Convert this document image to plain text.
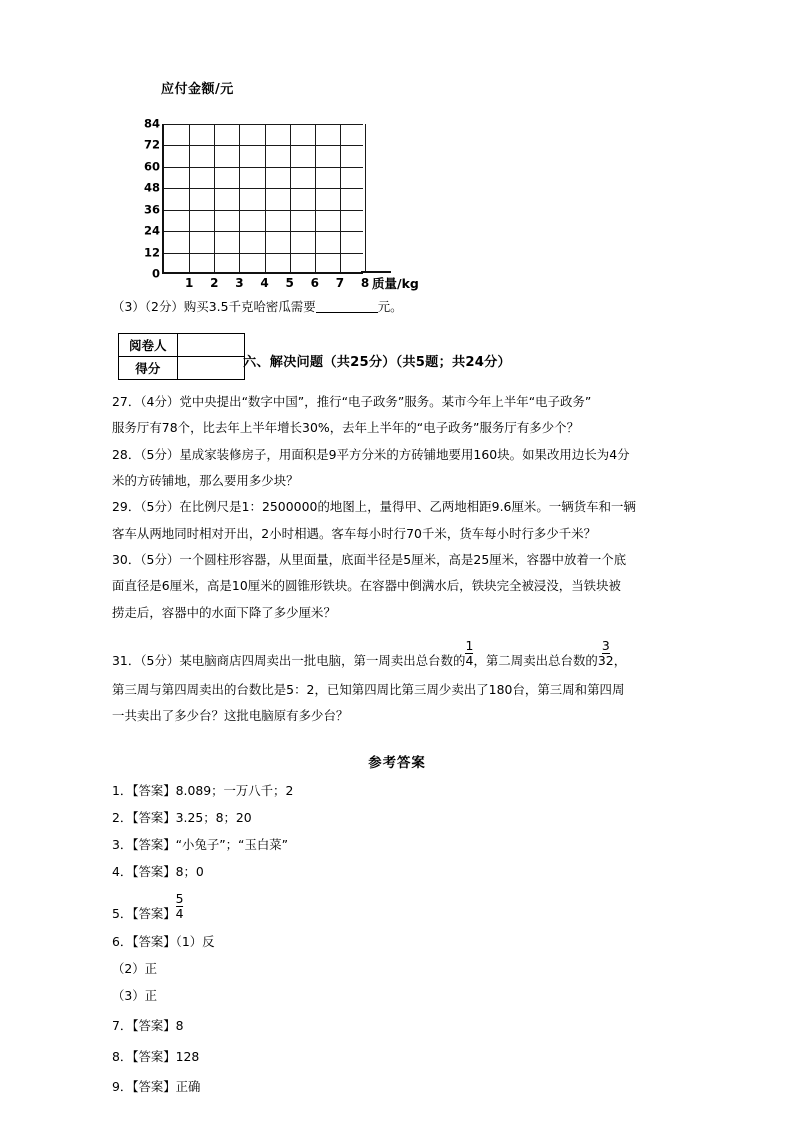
应付金额/元
0
12
24
36
48
60
72
84
1 2 3 4 5 6 7 8 质量/kg
（3）（2分）购买3.5千克哈密瓜需要	元。
阅卷人	
得分		六、解决问题（共25分）（共5题；共24分）
27．（4分）党中央提出“数字中国”，推行“电子政务”服务。某市今年上半年“电子政务”
服务厅有78个，比去年上半年增长30%，去年上半年的“电子政务”服务厅有多少个？
28．（5分）星成家装修房子，用面积是9平方分米的方砖铺地要用160块。如果改用边长为4分
米的方砖铺地，那么要用多少块？
29．（5分）在比例尺是1：2500000的地图上，量得甲、乙两地相距9.6厘米。一辆货车和一辆
客车从两地同时相对开出，2小时相遇。客车每小时行70千米，货车每小时行多少千米？
30．（5分）一个圆柱形容器，从里面量，底面半径是5厘米，高是25厘米，容器中放着一个底
面直径是6厘米，高是10厘米的圆锥形铁块。在容器中倒满水后，铁块完全被浸没，当铁块被
捞走后，容器中的水面下降了多少厘米？
31．（5分）某电脑商店四周卖出一批电脑，第一周卖出总台数的 $\frac{1}{4}$，第二周卖出总台数的 $\frac{3}{32}$，
第三周与第四周卖出的台数比是5：2，已知第四周比第三周少卖出了180台，第三周和第四周
一共卖出了多少台？这批电脑原有多少台？
参考答案
1．【答案】8.089；一万八千；2
2．【答案】3.25；8；20
3．【答案】“小兔子”；“玉白菜”
4．【答案】8；0
5．【答案】 $\frac{5}{4}$
6．【答案】（1）反
（2）正
（3）正
7．【答案】8
8．【答案】128
9．【答案】正确
